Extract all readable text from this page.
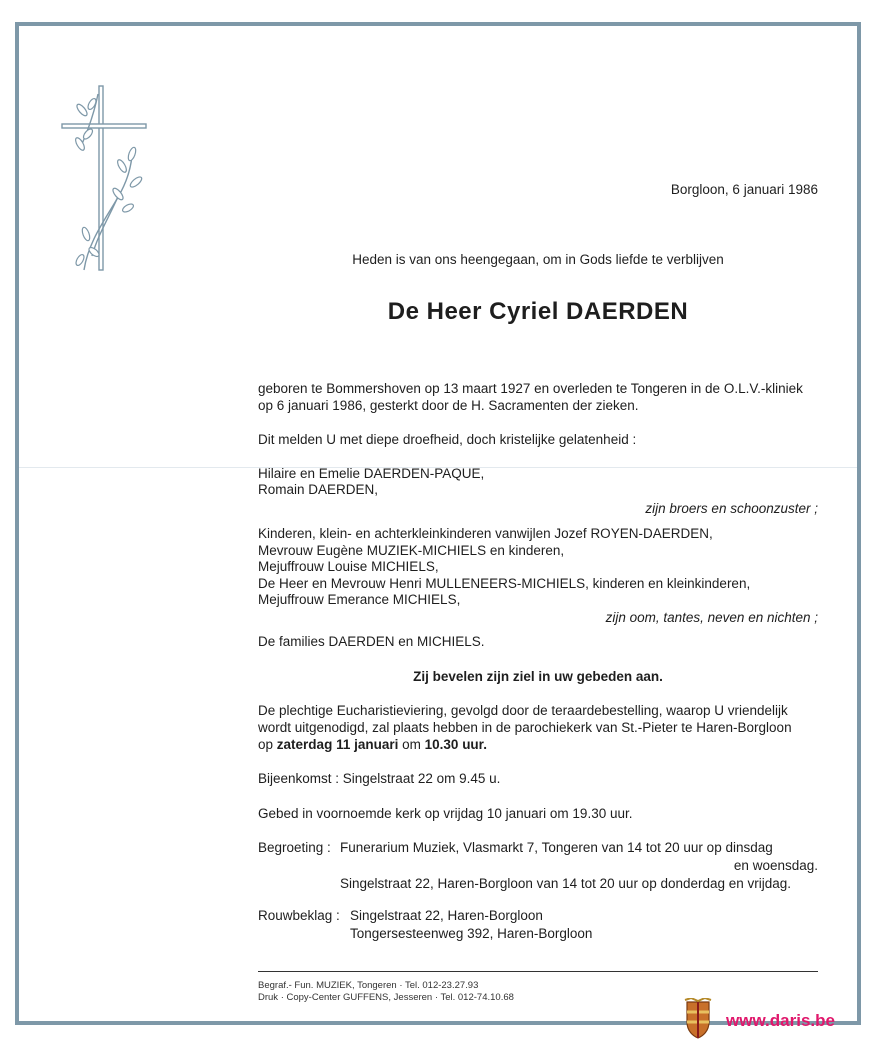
Borgloon, 6 januari 1986
Heden is van ons heengegaan, om in Gods liefde te verblijven
De Heer Cyriel DAERDEN
geboren te Bommershoven op 13 maart 1927 en overleden te Tongeren in de O.L.V.-kliniek
op 6 januari 1986, gesterkt door de H. Sacramenten der zieken.
Dit melden U met diepe droefheid, doch kristelijke gelatenheid :
Hilaire en Emelie DAERDEN-PAQUE,
Romain DAERDEN,
zijn broers en schoonzuster ;
Kinderen, klein- en achterkleinkinderen vanwijlen Jozef ROYEN-DAERDEN,
Mevrouw Eugène MUZIEK-MICHIELS en kinderen,
Mejuffrouw Louise MICHIELS,
De Heer en Mevrouw Henri MULLENEERS-MICHIELS, kinderen en kleinkinderen,
Mejuffrouw Emerance MICHIELS,
zijn oom, tantes, neven en nichten ;
De families DAERDEN en MICHIELS.
Zij bevelen zijn ziel in uw gebeden aan.
De plechtige Eucharistieviering, gevolgd door de teraardebestelling, waarop U vriendelijk
wordt uitgenodigd, zal plaats hebben in de parochiekerk van St.-Pieter te Haren-Borgloon
op zaterdag 11 januari om 10.30 uur.
Bijeenkomst : Singelstraat 22 om 9.45 u.
Gebed in voornoemde kerk op vrijdag 10 januari om 19.30 uur.
Begroeting : Funerarium Muziek, Vlasmarkt 7, Tongeren van 14 tot 20 uur op dinsdag
en woensdag.
Singelstraat 22, Haren-Borgloon van 14 tot 20 uur op donderdag en vrijdag.
Rouwbeklag : Singelstraat 22, Haren-Borgloon
Tongersesteenweg 392, Haren-Borgloon
Begraf.- Fun. MUZIEK, Tongeren · Tel. 012-23.27.93
Druk · Copy-Center GUFFENS, Jesseren · Tel. 012-74.10.68
www.daris.be
